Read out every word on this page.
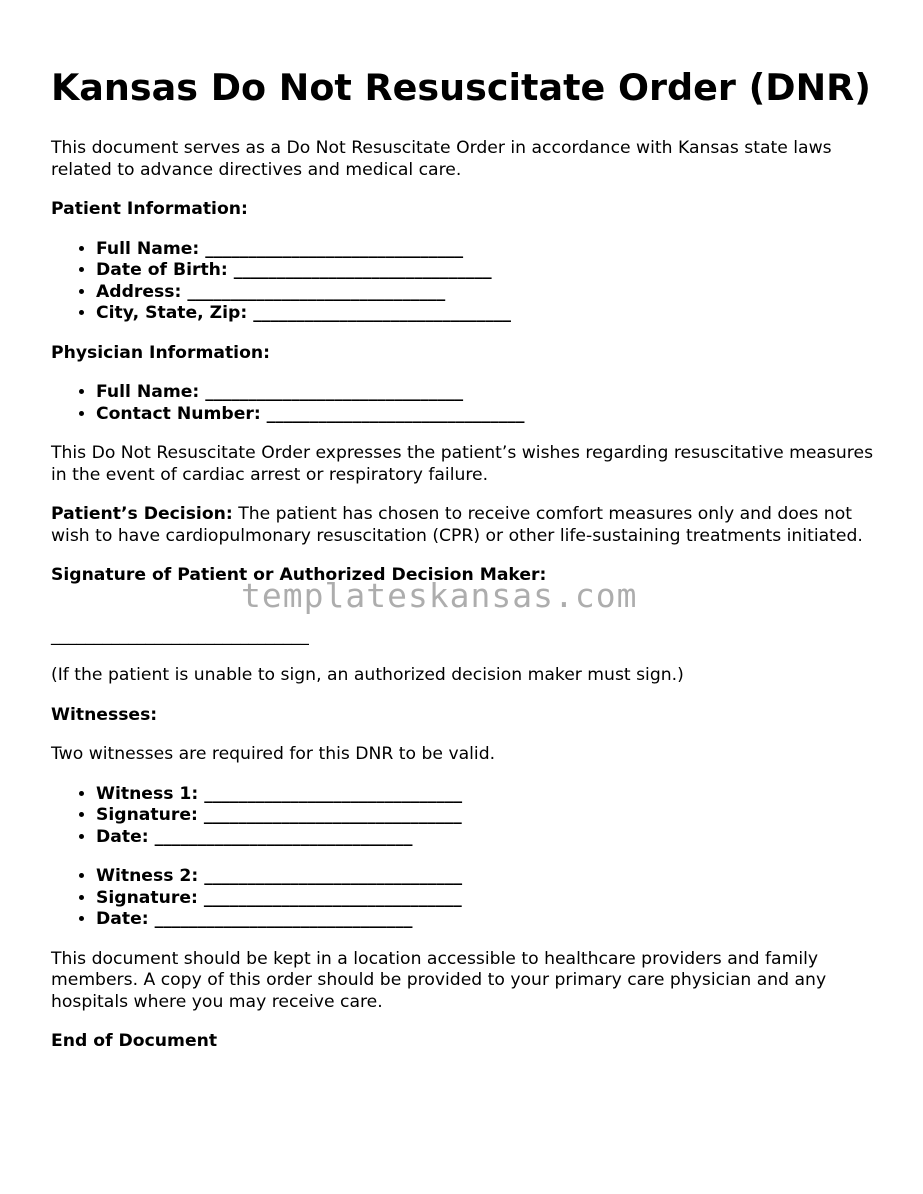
Kansas Do Not Resuscitate Order (DNR)

This document serves as a Do Not Resuscitate Order in accordance with Kansas state laws related to advance directives and medical care.

Patient Information:

• Full Name: ______________________________
• Date of Birth: ______________________________
• Address: ______________________________
• City, State, Zip: ______________________________

Physician Information:

• Full Name: ______________________________
• Contact Number: ______________________________

This Do Not Resuscitate Order expresses the patient’s wishes regarding resuscitative measures in the event of cardiac arrest or respiratory failure.

Patient’s Decision: The patient has chosen to receive comfort measures only and does not wish to have cardiopulmonary resuscitation (CPR) or other life-sustaining treatments initiated.

Signature of Patient or Authorized Decision Maker:

______________________________

(If the patient is unable to sign, an authorized decision maker must sign.)

Witnesses:

Two witnesses are required for this DNR to be valid.

• Witness 1: ______________________________
• Signature: ______________________________
• Date: ______________________________
• Witness 2: ______________________________
• Signature: ______________________________
• Date: ______________________________

This document should be kept in a location accessible to healthcare providers and family members. A copy of this order should be provided to your primary care physician and any hospitals where you may receive care.

End of Document

templateskansas.com
